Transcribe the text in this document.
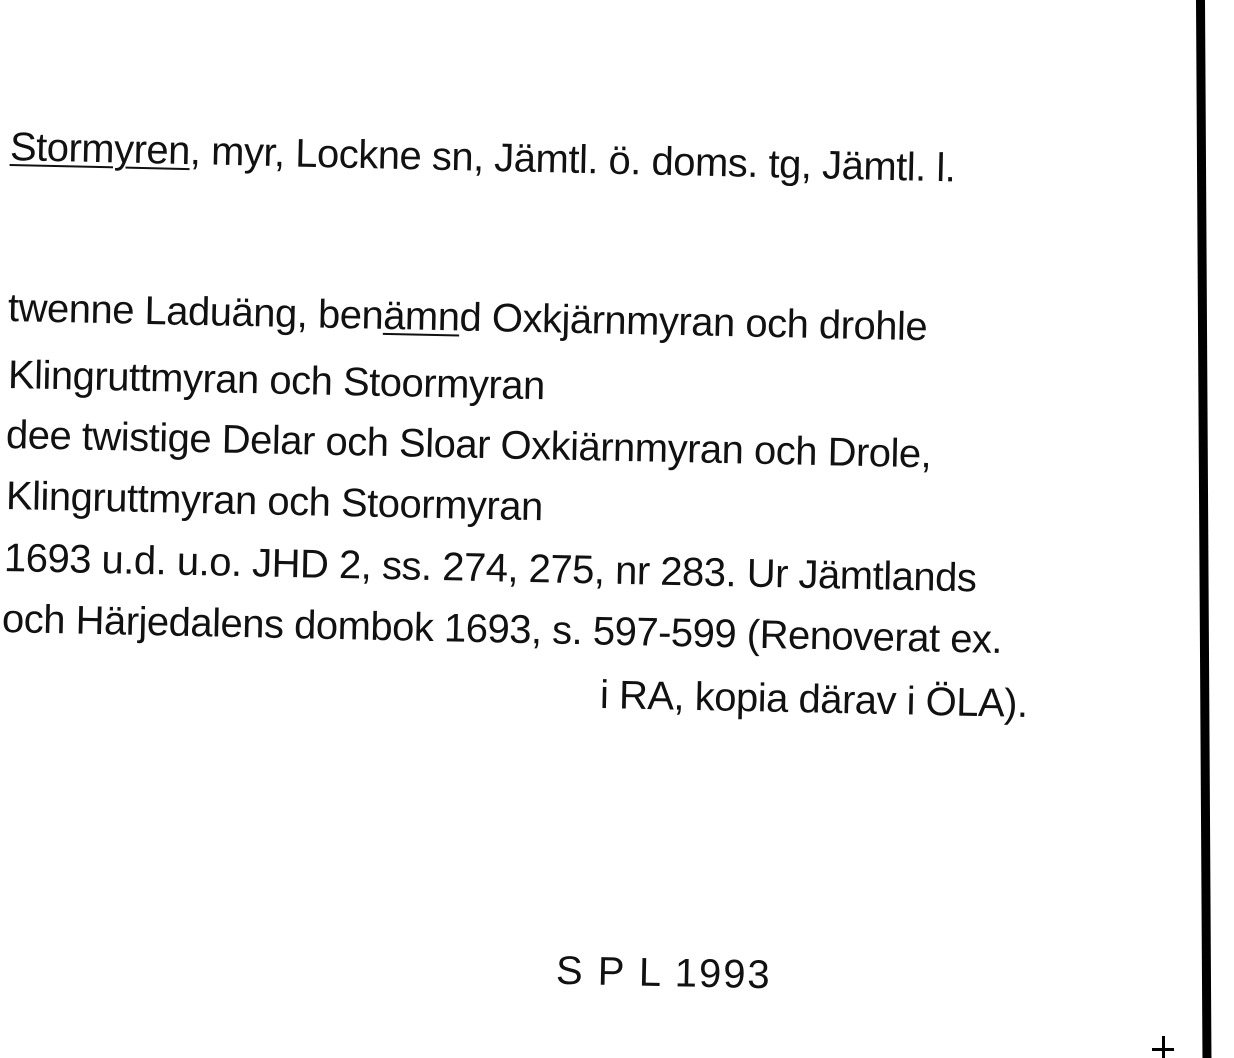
Stormyren, myr, Lockne sn, Jämtl. ö. doms. tg, Jämtl. l.
twenne Laduäng, benämnd Oxkjärnmyran och drohle
Klingruttmyran och Stoormyran
dee twistige Delar och Sloar Oxkiärnmyran och Drole,
Klingruttmyran och Stoormyran
1693 u.d. u.o. JHD 2, ss. 274, 275, nr 283. Ur Jämtlands
och Härjedalens dombok 1693, s. 597-599 (Renoverat ex.
i RA, kopia därav i ÖLA).
S P L 1993
